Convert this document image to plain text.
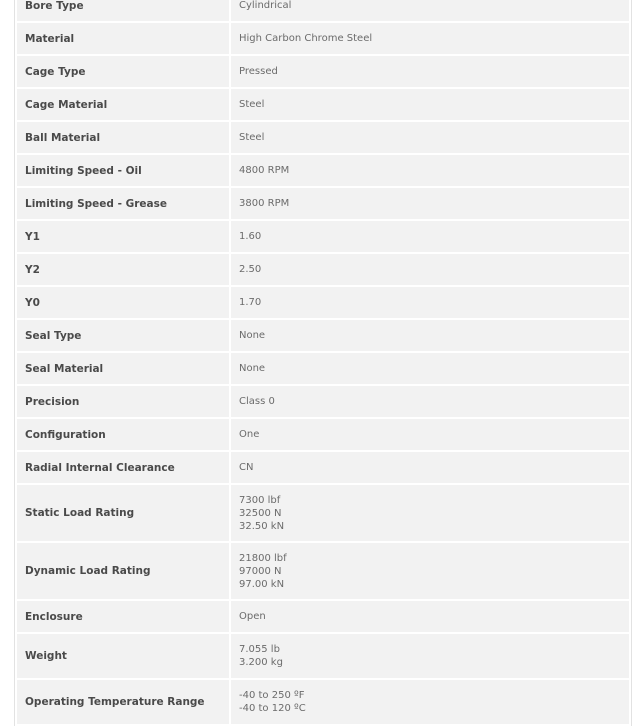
Bore Type	Cylindrical

Material	High Carbon Chrome Steel

Cage Type	Pressed

Cage Material	Steel

Ball Material	Steel

Limiting Speed - Oil	4800 RPM

Limiting Speed - Grease	3800 RPM

Y1	1.60

Y2	2.50

Y0	1.70

Seal Type	None

Seal Material	None

Precision	Class 0

Configuration	One

Radial Internal Clearance	CN

Static Load Rating	7300 lbf
32500 N
32.50 kN

Dynamic Load Rating	21800 lbf
97000 N
97.00 kN

Enclosure	Open

Weight	7.055 lb
3.200 kg

Operating Temperature Range	-40 to 250 ºF
-40 to 120 ºC
